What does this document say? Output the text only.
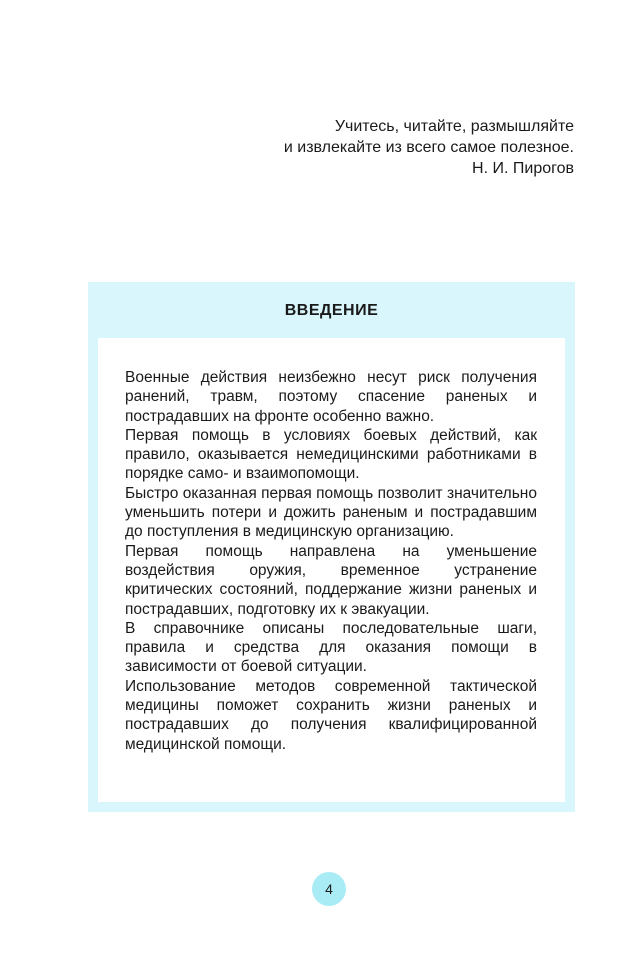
Учитесь, читайте, размышляйте

и извлекайте из всего самое полезное.

Н. И. Пирогов

ВВЕДЕНИЕ

Военные действия неизбежно несут риск получения ранений, травм, поэтому спасение раненых и пострадавших на фронте особенно важно.

Первая помощь в условиях боевых действий, как правило, оказывается немедицинскими работниками в порядке само- и взаимопомощи.

Быстро оказанная первая помощь позволит значительно уменьшить потери и дожить раненым и пострадавшим до поступления в медицинскую организацию.

Первая помощь направлена на уменьшение воздействия оружия, временное устранение критических состояний, поддержание жизни раненых и пострадавших, подготовку их к эвакуации.

В справочнике описаны последовательные шаги, правила и средства для оказания помощи в зависимости от боевой ситуации.

Использование методов современной тактической медицины поможет сохранить жизни раненых и пострадавших до получения квалифицированной медицинской помощи.

4
